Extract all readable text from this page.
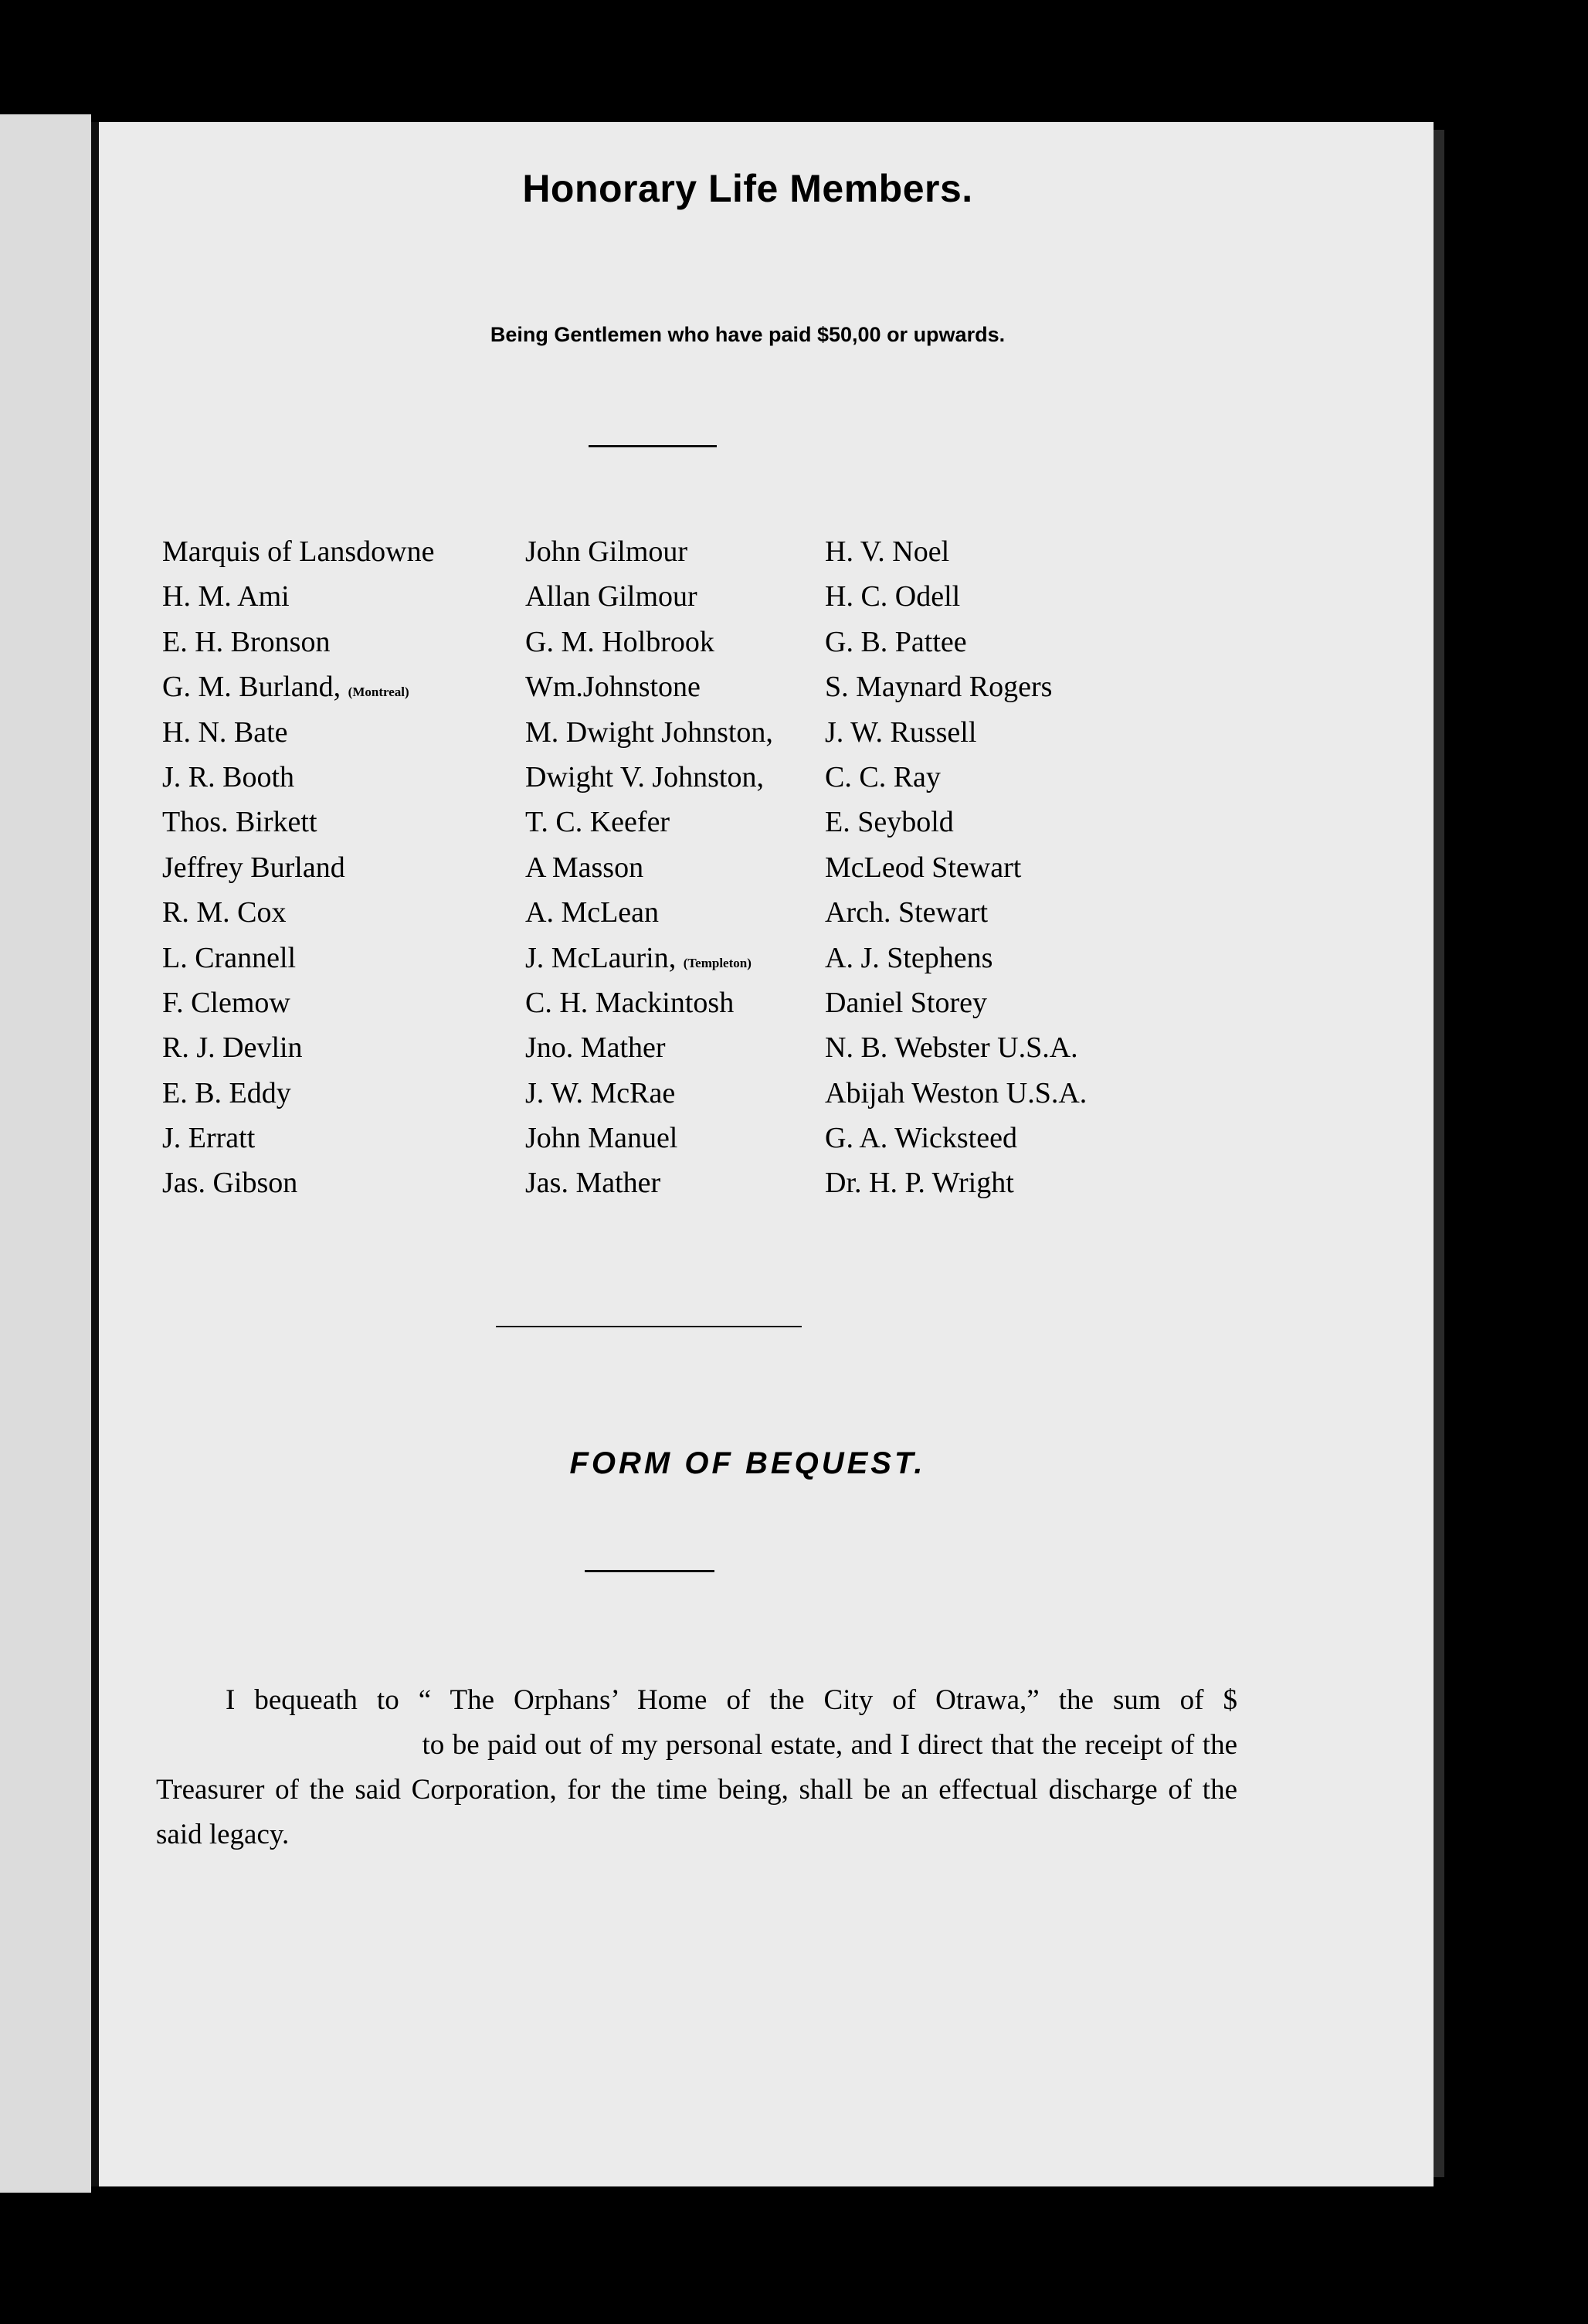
Honorary Life Members.
Being Gentlemen who have paid $50,00 or upwards.
Marquis of Lansdowne
H. M. Ami
E. H. Bronson
G. M. Burland, (Montreal)
H. N. Bate
J. R. Booth
Thos. Birkett
Jeffrey Burland
R. M. Cox
L. Crannell
F. Clemow
R. J. Devlin
E. B. Eddy
J. Erratt
Jas. Gibson
John Gilmour
Allan Gilmour
G. M. Holbrook
Wm.Johnstone
M. Dwight Johnston,
Dwight V. Johnston,
T. C. Keefer
A Masson
A. McLean
J. McLaurin, (Templeton)
C. H. Mackintosh
Jno. Mather
J. W. McRae
John Manuel
Jas. Mather
H. V. Noel
H. C. Odell
G. B. Pattee
S. Maynard Rogers
J. W. Russell
C. C. Ray
E. Seybold
McLeod Stewart
Arch. Stewart
A. J. Stephens
Daniel Storey
N. B. Webster U.S.A.
Abijah Weston U.S.A.
G. A. Wicksteed
Dr. H. P. Wright
FORM OF BEQUEST.
I bequeath to “ The Orphans’ Home of the City of Otrawa,” the sum of $                                  to be paid out of my personal estate, and I direct that the receipt of the Treasurer of the said Corporation, for the time being, shall be an effectual discharge of the said legacy.
